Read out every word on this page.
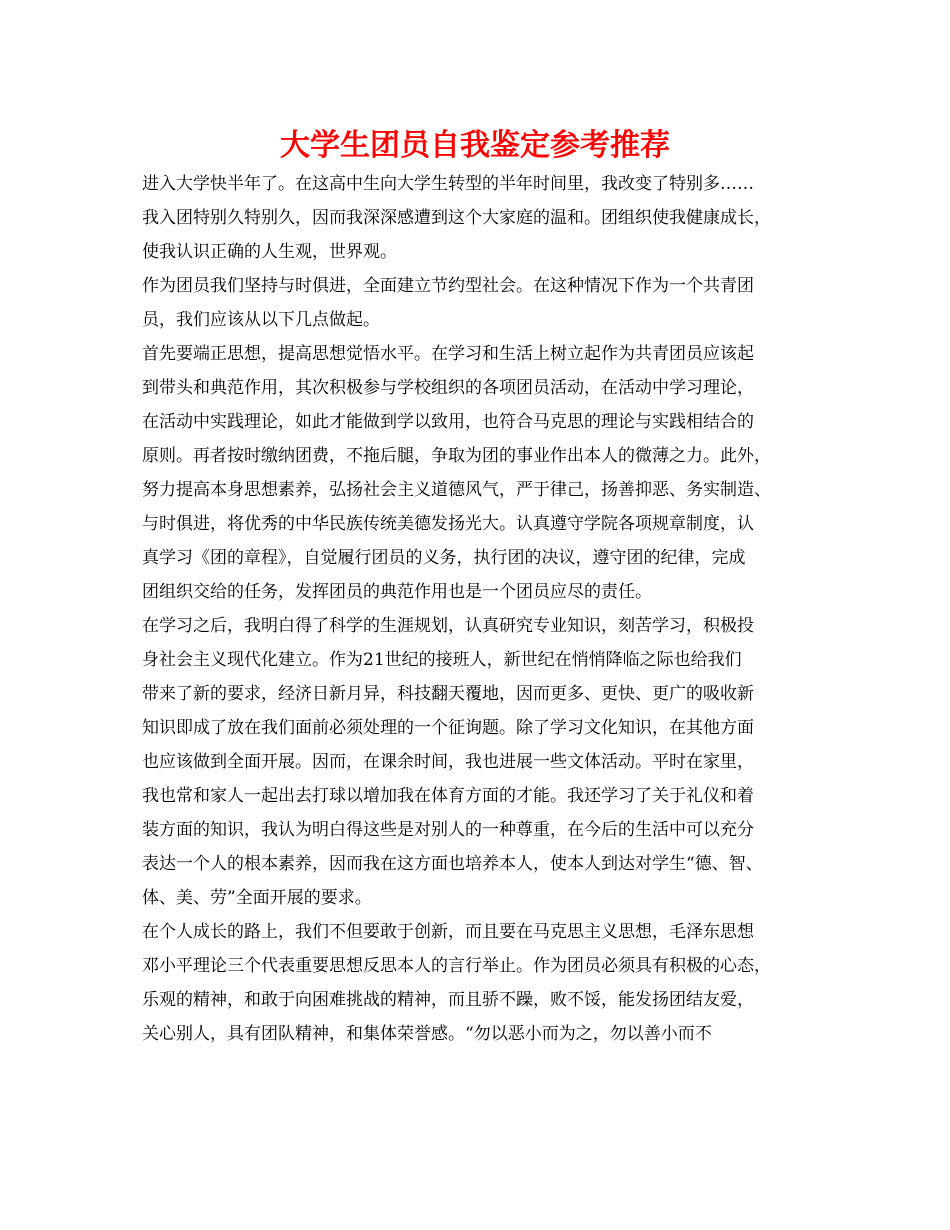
大学生团员自我鉴定参考推荐
进入大学快半年了。在这高中生向大学生转型的半年时间里，我改变了特别多……
我入团特别久特别久，因而我深深感遭到这个大家庭的温和。团组织使我健康成长，
使我认识正确的人生观，世界观。
作为团员我们坚持与时俱进，全面建立节约型社会。在这种情况下作为一个共青团
员，我们应该从以下几点做起。
首先要端正思想，提高思想觉悟水平。在学习和生活上树立起作为共青团员应该起
到带头和典范作用，其次积极参与学校组织的各项团员活动，在活动中学习理论，
在活动中实践理论，如此才能做到学以致用，也符合马克思的理论与实践相结合的
原则。再者按时缴纳团费，不拖后腿，争取为团的事业作出本人的微薄之力。此外，
努力提高本身思想素养，弘扬社会主义道德风气，严于律己，扬善抑恶、务实制造、
与时俱进，将优秀的中华民族传统美德发扬光大。认真遵守学院各项规章制度，认
真学习《团的章程》，自觉履行团员的义务，执行团的决议，遵守团的纪律，完成
团组织交给的任务，发挥团员的典范作用也是一个团员应尽的责任。
在学习之后，我明白得了科学的生涯规划，认真研究专业知识，刻苦学习，积极投
身社会主义现代化建立。作为21世纪的接班人，新世纪在悄悄降临之际也给我们
带来了新的要求，经济日新月异，科技翻天覆地，因而更多、更快、更广的吸收新
知识即成了放在我们面前必须处理的一个征询题。除了学习文化知识，在其他方面
也应该做到全面开展。因而，在课余时间，我也进展一些文体活动。平时在家里，
我也常和家人一起出去打球以增加我在体育方面的才能。我还学习了关于礼仪和着
装方面的知识，我认为明白得这些是对别人的一种尊重，在今后的生活中可以充分
表达一个人的根本素养，因而我在这方面也培养本人，使本人到达对学生“德、智、
体、美、劳”全面开展的要求。
在个人成长的路上，我们不但要敢于创新，而且要在马克思主义思想，毛泽东思想
邓小平理论三个代表重要思想反思本人的言行举止。作为团员必须具有积极的心态，
乐观的精神，和敢于向困难挑战的精神，而且骄不躁，败不馁，能发扬团结友爱，
关心别人，具有团队精神，和集体荣誉感。“勿以恶小而为之，勿以善小而不
